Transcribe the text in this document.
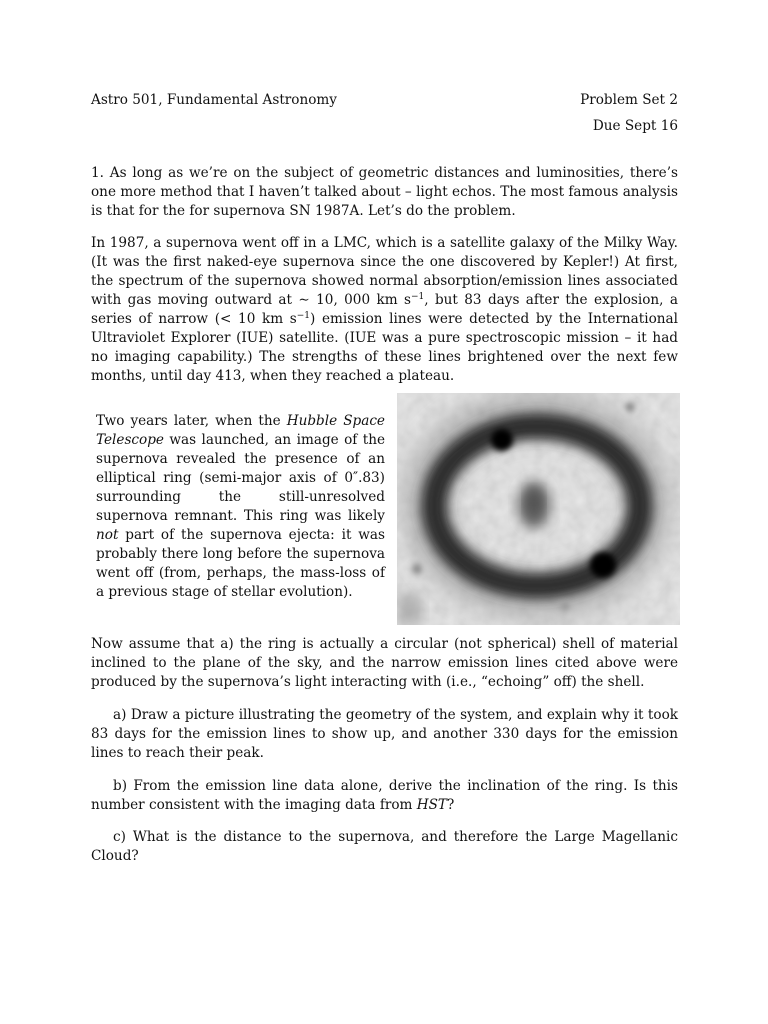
Astro 501, Fundamental Astronomy	Problem Set 2
Due Sept 16

1. As long as we’re on the subject of geometric distances and luminosities, there’s one more method that I haven’t talked about – light echos. The most famous analysis is that for the for supernova SN 1987A. Let’s do the problem.

In 1987, a supernova went off in a LMC, which is a satellite galaxy of the Milky Way. (It was the first naked-eye supernova since the one discovered by Kepler!) At first, the spectrum of the supernova showed normal absorption/emission lines associated with gas moving outward at ∼ 10, 000 km $s^{-1}$, but 83 days after the explosion, a series of narrow (< 10 km $s^{-1}$) emission lines were detected by the International Ultraviolet Explorer (IUE) satellite. (IUE was a pure spectroscopic mission – it had no imaging capability.) The strengths of these lines brightened over the next few months, until day 413, when they reached a plateau.

Two years later, when the Hubble Space Telescope was launched, an image of the supernova revealed the presence of an elliptical ring (semi-major axis of 0″.83) surrounding the still-unresolved supernova remnant. This ring was likely not part of the supernova ejecta: it was probably there long before the supernova went off (from, perhaps, the mass-loss of a previous stage of stellar evolution).

Now assume that a) the ring is actually a circular (not spherical) shell of material inclined to the plane of the sky, and the narrow emission lines cited above were produced by the supernova’s light interacting with (i.e., “echoing” off) the shell.

a) Draw a picture illustrating the geometry of the system, and explain why it took 83 days for the emission lines to show up, and another 330 days for the emission lines to reach their peak.

b) From the emission line data alone, derive the inclination of the ring. Is this number consistent with the imaging data from HST?

c) What is the distance to the supernova, and therefore the Large Magellanic Cloud?
